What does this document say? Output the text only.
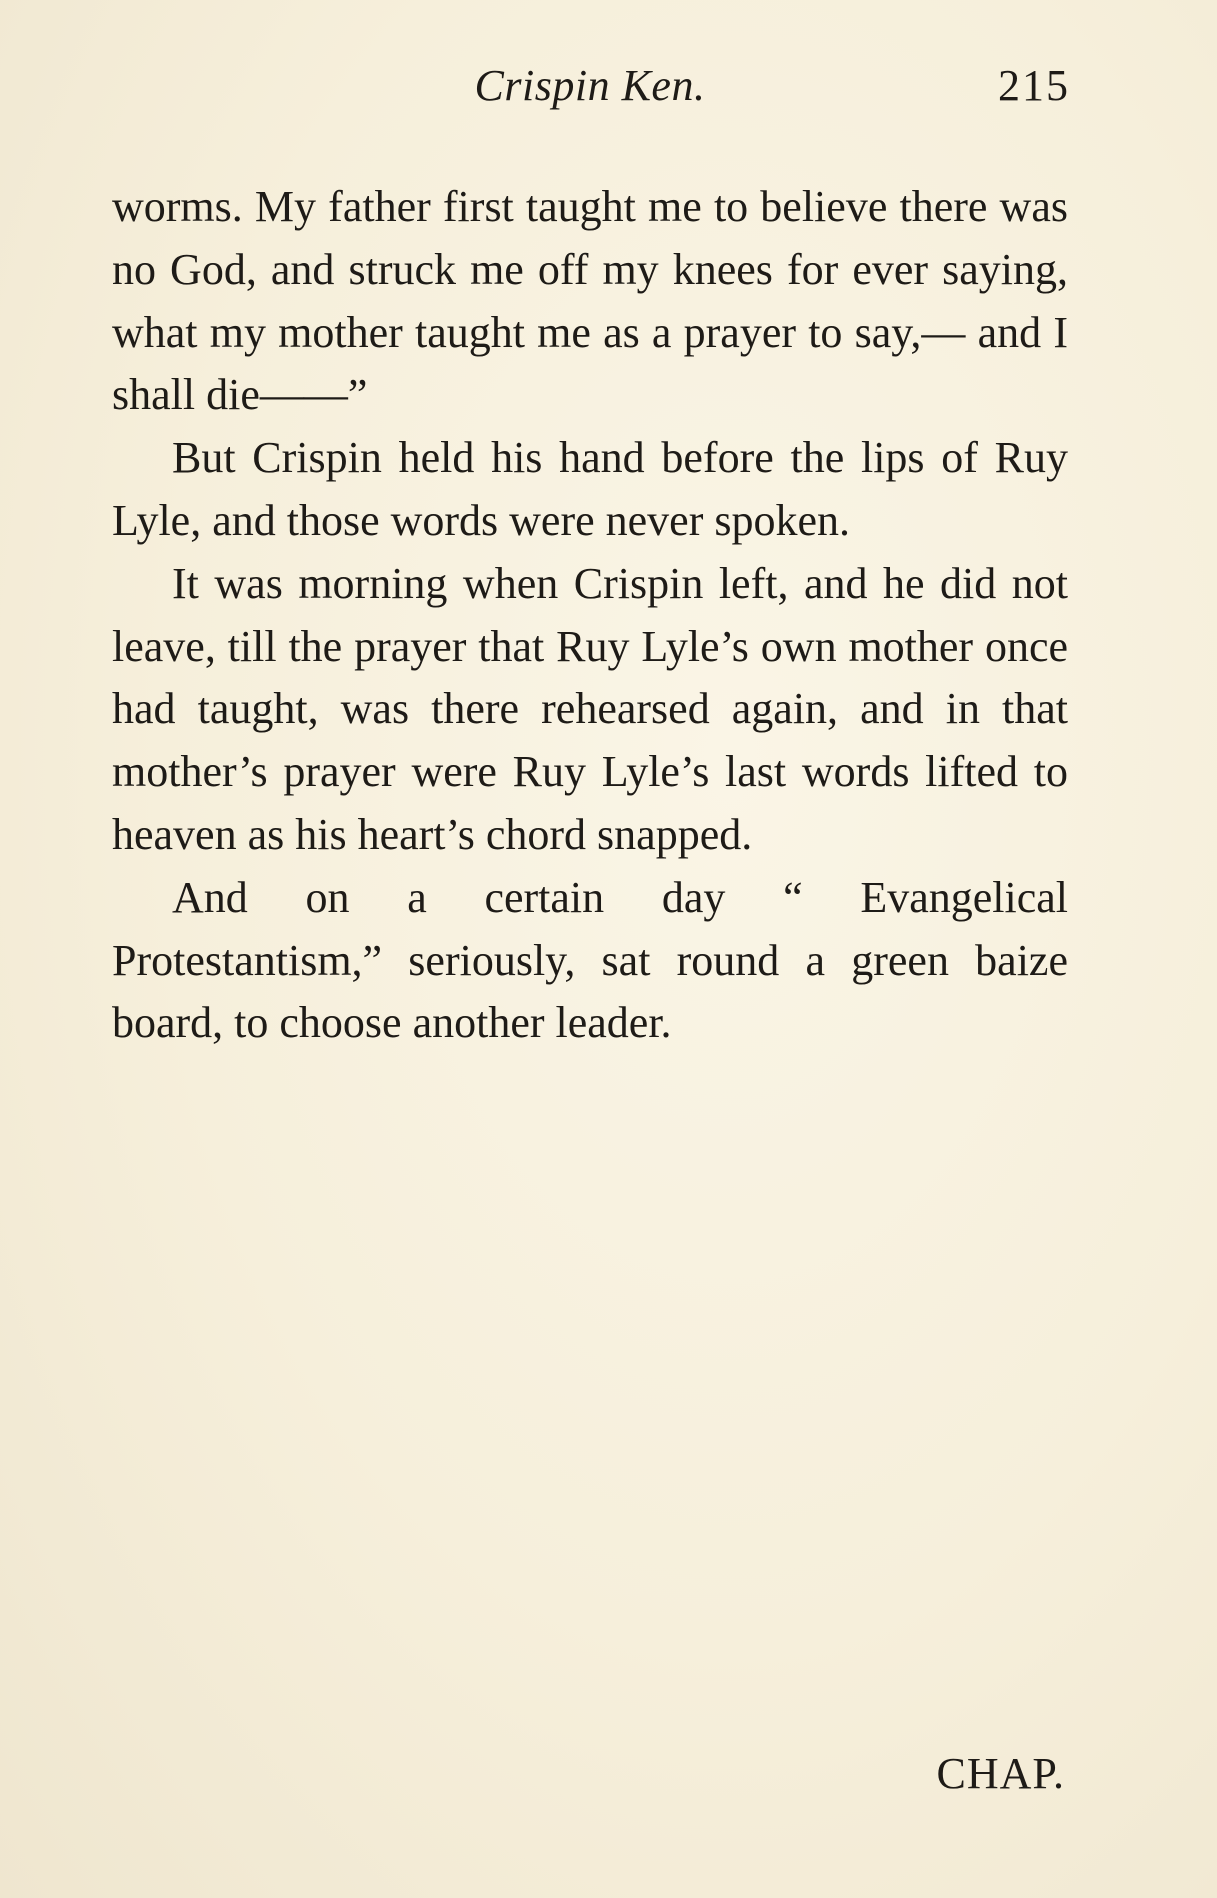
Crispin Ken.	215

worms. My father first taught me to believe there was no God, and struck me off my knees for ever saying, what my mother taught me as a prayer to say,— and I shall die——”

But Crispin held his hand before the lips of Ruy Lyle, and those words were never spoken.

It was morning when Crispin left, and he did not leave, till the prayer that Ruy Lyle’s own mother once had taught, was there rehearsed again, and in that mother’s prayer were Ruy Lyle’s last words lifted to heaven as his heart’s chord snapped.

And on a certain day “ Evangelical Protestantism,” seriously, sat round a green baize board, to choose another leader.

CHAP.
